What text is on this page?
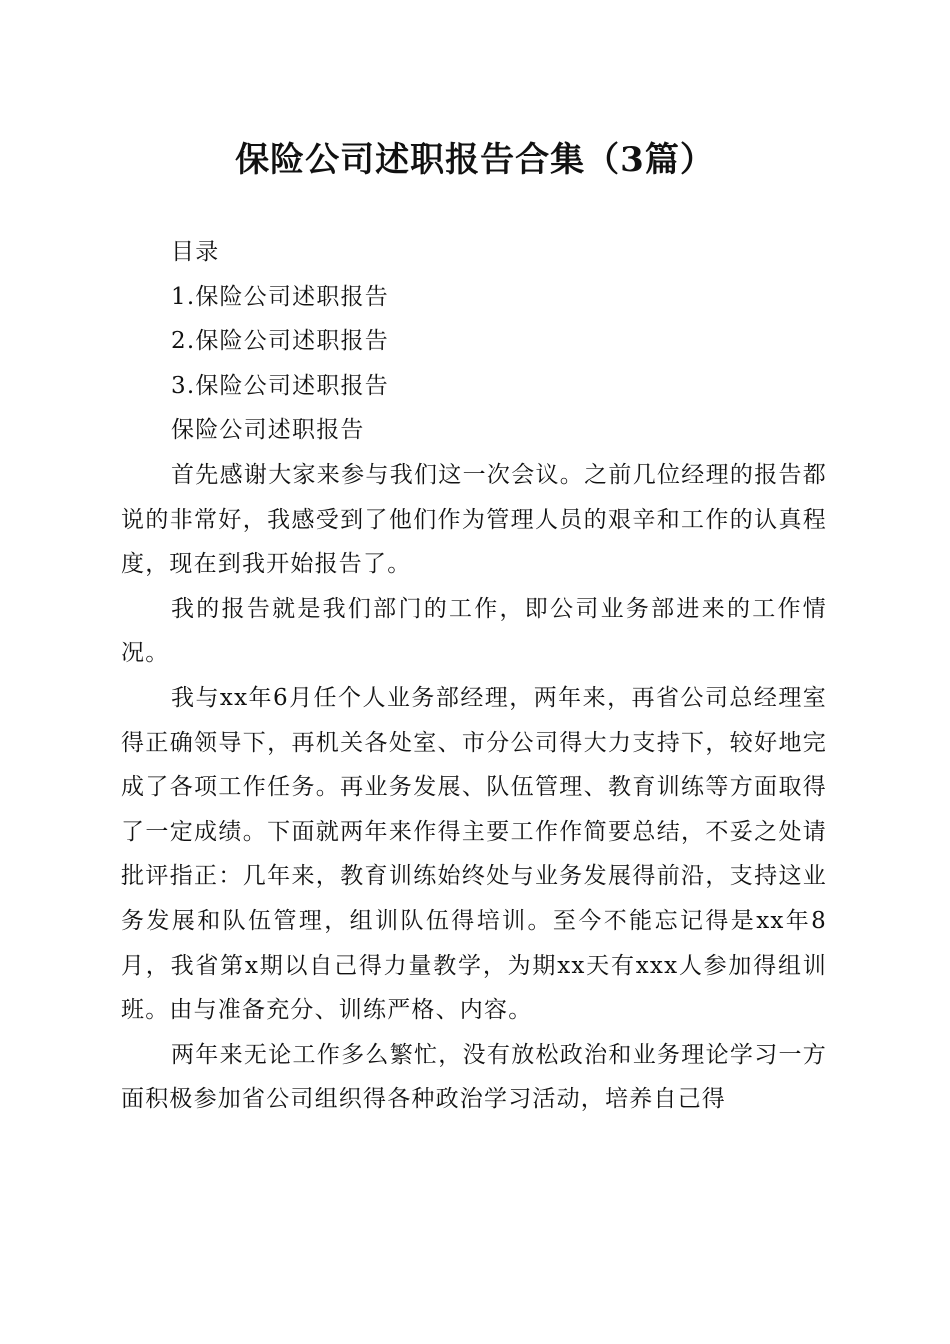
保险公司述职报告合集（3篇）

目录

1.保险公司述职报告

2.保险公司述职报告

3.保险公司述职报告

保险公司述职报告

首先感谢大家来参与我们这一次会议。之前几位经理的报告都说的非常好，我感受到了他们作为管理人员的艰辛和工作的认真程度，现在到我开始报告了。

我的报告就是我们部门的工作，即公司业务部进来的工作情况。

我与xx年6月任个人业务部经理，两年来，再省公司总经理室得正确领导下，再机关各处室、市分公司得大力支持下，较好地完成了各项工作任务。再业务发展、队伍管理、教育训练等方面取得了一定成绩。下面就两年来作得主要工作作简要总结，不妥之处请批评指正：几年来，教育训练始终处与业务发展得前沿，支持这业务发展和队伍管理，组训队伍得培训。至今不能忘记得是xx年8月，我省第x期以自己得力量教学，为期xx天有xxx人参加得组训班。由与准备充分、训练严格、内容。

两年来无论工作多么繁忙，没有放松政治和业务理论学习一方面积极参加省公司组织得各种政治学习活动，培养自己得
